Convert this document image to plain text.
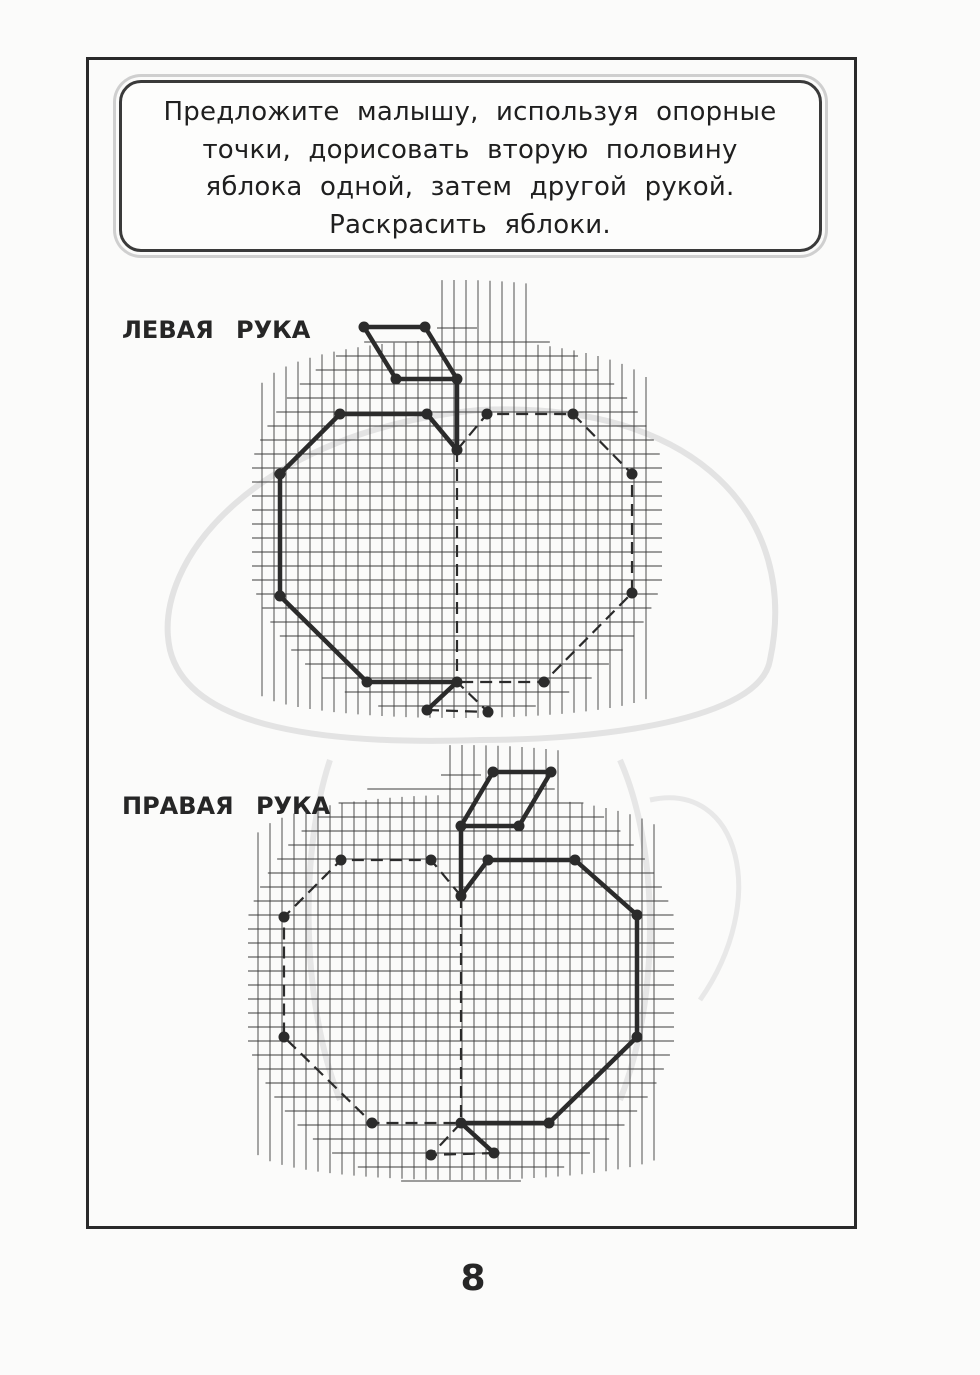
Предложите малышу, используя опорные
точки, дорисовать вторую половину
яблока одной, затем другой рукой.
Раскрасить яблоки.

ЛЕВАЯ РУКА

ПРАВАЯ РУКА

8
